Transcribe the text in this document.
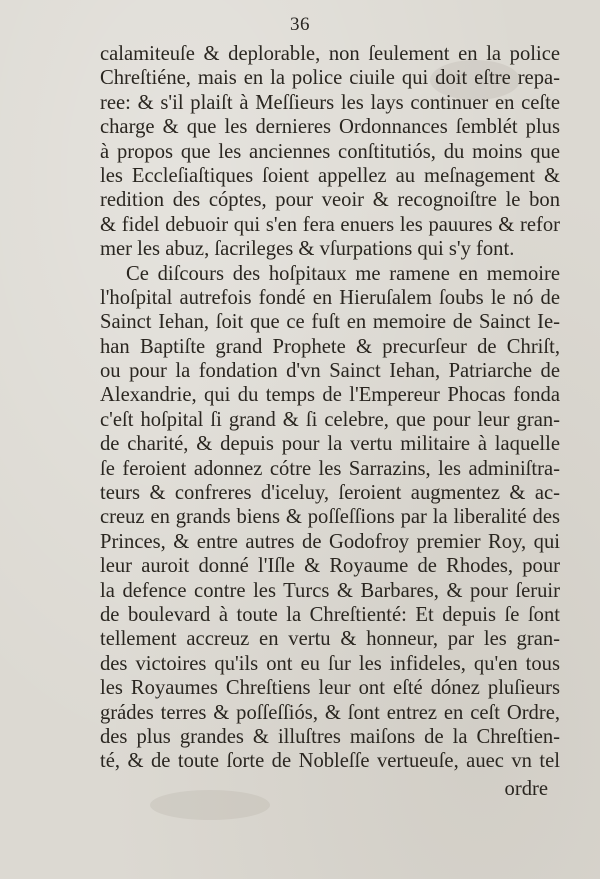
36
calamiteuſe & deplorable, non ſeulement en la police
Chreſtiéne, mais en la police ciuile qui doit eſtre repa-
ree: & s'il plaiſt à Meſſieurs les lays continuer en ceſte
charge & que les dernieres Ordonnances ſemblét plus
à propos que les anciennes conſtitutiós, du moins que
les Eccleſiaſtiques ſoient appellez au meſnagement &
redition des cóptes, pour veoir & recognoiſtre le bon
& fidel debuoir qui s'en fera enuers les pauures & refor
mer les abuz, ſacrileges & vſurpations qui s'y font.
Ce diſcours des hoſpitaux me ramene en memoire
l'hoſpital autrefois fondé en Hieruſalem ſoubs le nó de
Sainct Iehan, ſoit que ce fuſt en memoire de Sainct Ie-
han Baptiſte grand Prophete & precurſeur de Chriſt,
ou pour la fondation d'vn Sainct Iehan, Patriarche de
Alexandrie, qui du temps de l'Empereur Phocas fonda
c'eſt hoſpital ſi grand & ſi celebre, que pour leur gran-
de charité, & depuis pour la vertu militaire à laquelle
ſe feroient adonnez cótre les Sarrazins, les adminiſtra-
teurs & confreres d'iceluy, ſeroient augmentez & ac-
creuz en grands biens & poſſeſſions par la liberalité des
Princes, & entre autres de Godofroy premier Roy, qui
leur auroit donné l'Iſle & Royaume de Rhodes, pour
la defence contre les Turcs & Barbares, & pour ſeruir
de boulevard à toute la Chreſtienté: Et depuis ſe ſont
tellement accreuz en vertu & honneur, par les gran-
des victoires qu'ils ont eu ſur les infideles, qu'en tous
les Royaumes Chreſtiens leur ont eſté dónez pluſieurs
grádes terres & poſſeſſiós, & ſont entrez en ceſt Ordre,
des plus grandes & illuſtres maiſons de la Chreſtien-
té, & de toute ſorte de Nobleſſe vertueuſe, auec vn tel
ordre
